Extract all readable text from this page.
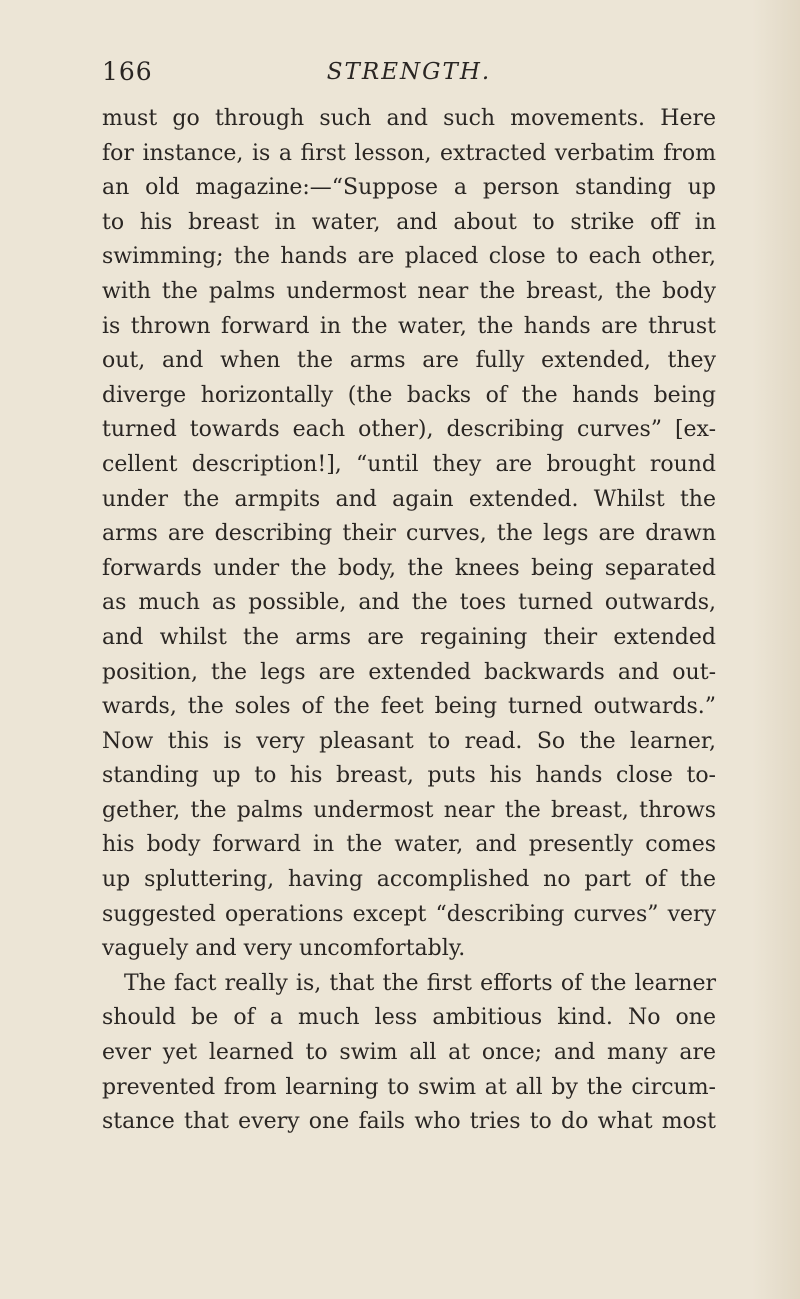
166	STRENGTH.
must go through such and such movements. Here
for instance, is a first lesson, extracted verbatim from
an old magazine:—“Suppose a person standing up
to his breast in water, and about to strike off in
swimming; the hands are placed close to each other,
with the palms undermost near the breast, the body
is thrown forward in the water, the hands are thrust
out, and when the arms are fully extended, they
diverge horizontally (the backs of the hands being
turned towards each other), describing curves” [ex-
cellent description!], “until they are brought round
under the armpits and again extended. Whilst the
arms are describing their curves, the legs are drawn
forwards under the body, the knees being separated
as much as possible, and the toes turned outwards,
and whilst the arms are regaining their extended
position, the legs are extended backwards and out-
wards, the soles of the feet being turned outwards.”
Now this is very pleasant to read. So the learner,
standing up to his breast, puts his hands close to-
gether, the palms undermost near the breast, throws
his body forward in the water, and presently comes
up spluttering, having accomplished no part of the
suggested operations except “describing curves” very
vaguely and very uncomfortably.
The fact really is, that the first efforts of the learner
should be of a much less ambitious kind. No one
ever yet learned to swim all at once; and many are
prevented from learning to swim at all by the circum-
stance that every one fails who tries to do what most
